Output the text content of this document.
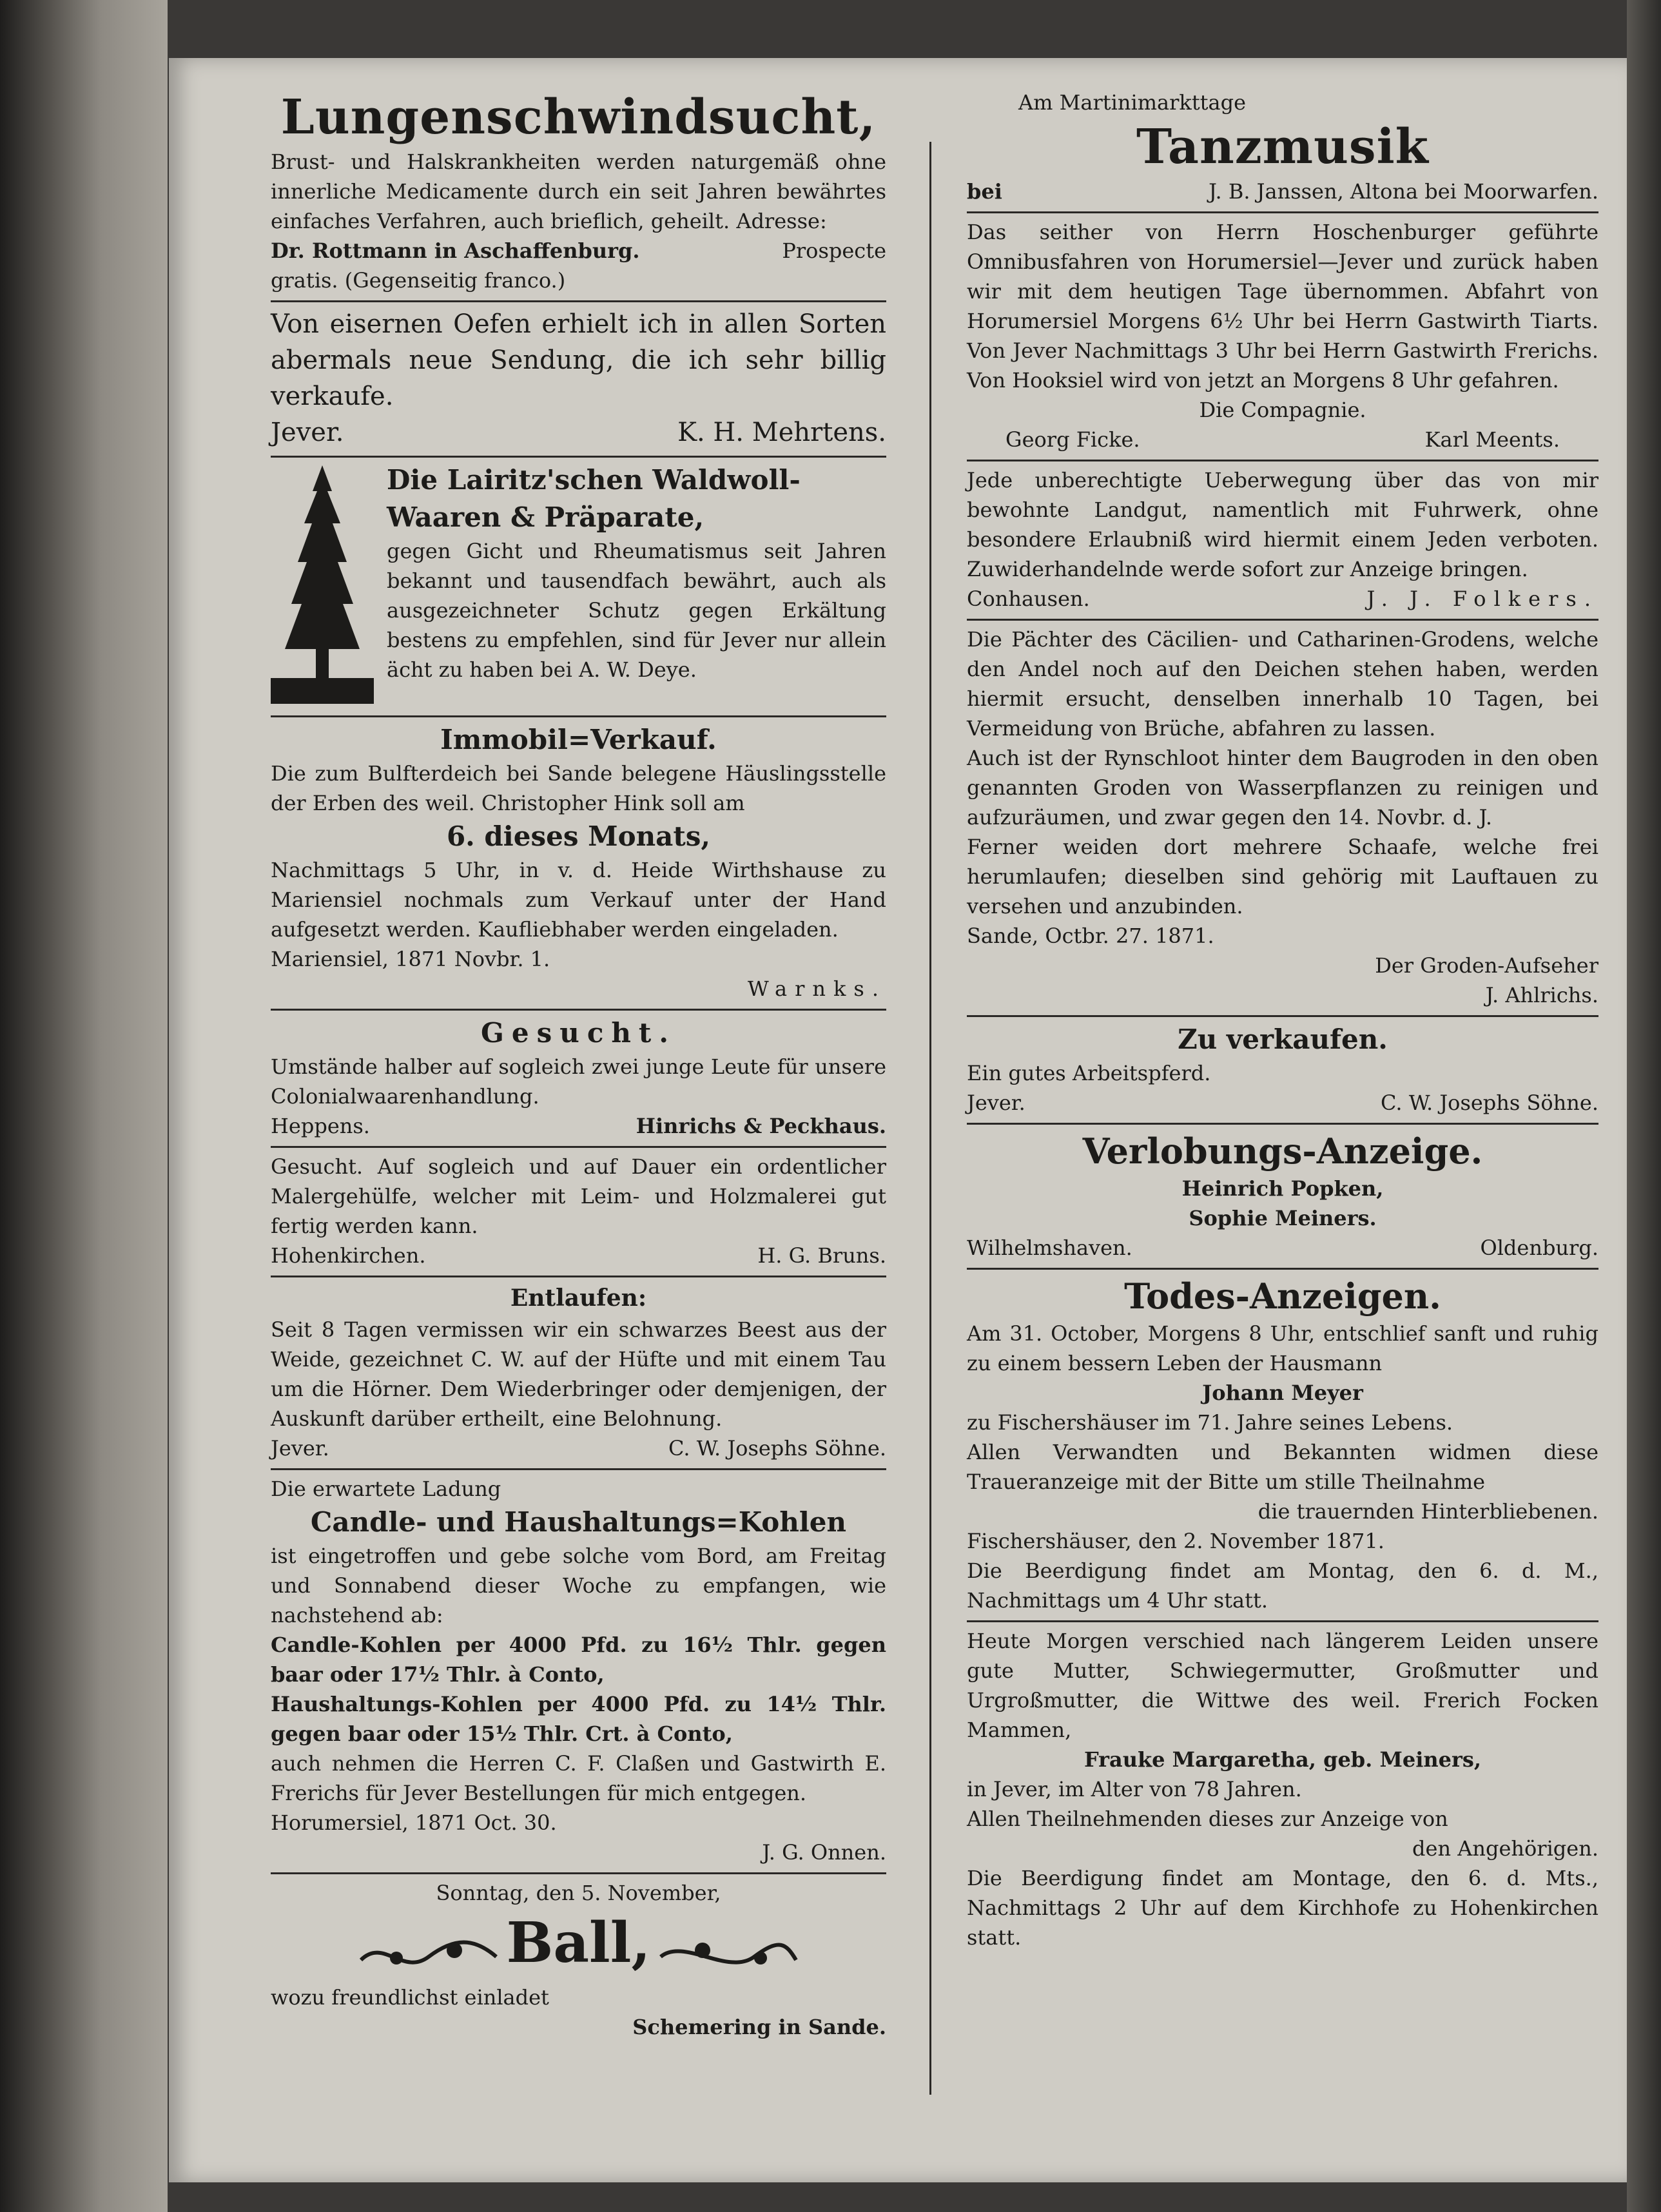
Lungenschwindsucht,

Brust- und Halskrankheiten werden naturgemäß ohne innerliche Medicamente durch ein seit Jahren bewährtes einfaches Verfahren, auch brieflich, geheilt. Adresse:

Dr. Rottmann in Aschaffenburg.	Prospecte

gratis. (Gegenseitig franco.)

Von eisernen Oefen erhielt ich in allen Sorten abermals neue Sendung, die ich sehr billig verkaufe.

Jever.	K. H. Mehrtens.
Die Lairitz'schen Waldwoll-Waaren & Präparate,

gegen Gicht und Rheumatismus seit Jahren bekannt und tausendfach bewährt, auch als ausgezeichneter Schutz gegen Erkältung bestens zu empfehlen, sind für Jever nur allein ächt zu haben bei A. W. Deye.

Immobil=Verkauf.

Die zum Bulfterdeich bei Sande belegene Häuslingsstelle der Erben des weil. Christopher Hink soll am

6. dieses Monats,

Nachmittags 5 Uhr, in v. d. Heide Wirthshause zu Mariensiel nochmals zum Verkauf unter der Hand aufgesetzt werden. Kaufliebhaber werden eingeladen.

Mariensiel, 1871 Novbr. 1.

Warnks.

Gesucht.

Umstände halber auf sogleich zwei junge Leute für unsere Colonialwaarenhandlung.

Heppens.	Hinrichs & Peckhaus.

Gesucht. Auf sogleich und auf Dauer ein ordentlicher Malergehülfe, welcher mit Leim- und Holzmalerei gut fertig werden kann.

Hohenkirchen.	H. G. Bruns.
Entlaufen:

Seit 8 Tagen vermissen wir ein schwarzes Beest aus der Weide, gezeichnet C. W. auf der Hüfte und mit einem Tau um die Hörner. Dem Wiederbringer oder demjenigen, der Auskunft darüber ertheilt, eine Belohnung.

Jever.	C. W. Josephs Söhne.

Die erwartete Ladung

Candle- und Haushaltungs=Kohlen

ist eingetroffen und gebe solche vom Bord, am Freitag und Sonnabend dieser Woche zu empfangen, wie nachstehend ab:

Candle-Kohlen per 4000 Pfd. zu 16½ Thlr. gegen baar oder 17½ Thlr. à Conto,

Haushaltungs-Kohlen per 4000 Pfd. zu 14½ Thlr. gegen baar oder 15½ Thlr. Crt. à Conto,

auch nehmen die Herren C. F. Claßen und Gastwirth E. Frerichs für Jever Bestellungen für mich entgegen.

Horumersiel, 1871 Oct. 30.

J. G. Onnen.

Sonntag, den 5. November,

Ball,

wozu freundlichst einladet

Schemering in Sande.

Am Martinimarkttage

Tanzmusik
bei	J. B. Janssen, Altona bei Moorwarfen.

Das seither von Herrn Hoschenburger geführte Omnibusfahren von Horumersiel—Jever und zurück haben wir mit dem heutigen Tage übernommen. Abfahrt von Horumersiel Morgens 6½ Uhr bei Herrn Gastwirth Tiarts. Von Jever Nachmittags 3 Uhr bei Herrn Gastwirth Frerichs. Von Hooksiel wird von jetzt an Morgens 8 Uhr gefahren.

Die Compagnie.

Georg Ficke.	Karl Meents.

Jede unberechtigte Ueberwegung über das von mir bewohnte Landgut, namentlich mit Fuhrwerk, ohne besondere Erlaubniß wird hiermit einem Jeden verboten. Zuwiderhandelnde werde sofort zur Anzeige bringen.

Conhausen.	J. J. Folkers.

Die Pächter des Cäcilien- und Catharinen-Grodens, welche den Andel noch auf den Deichen stehen haben, werden hiermit ersucht, denselben innerhalb 10 Tagen, bei Vermeidung von Brüche, abfahren zu lassen.

Auch ist der Rynschloot hinter dem Baugroden in den oben genannten Groden von Wasserpflanzen zu reinigen und aufzuräumen, und zwar gegen den 14. Novbr. d. J.

Ferner weiden dort mehrere Schaafe, welche frei herumlaufen; dieselben sind gehörig mit Lauftauen zu versehen und anzubinden.

Sande, Octbr. 27. 1871.

Der Groden-Aufseher

J. Ahlrichs.

Zu verkaufen.

Ein gutes Arbeitspferd.

Jever.	C. W. Josephs Söhne.
Verlobungs-Anzeige.

Heinrich Popken,

Sophie Meiners.

Wilhelmshaven.	Oldenburg.
Todes-Anzeigen.

Am 31. October, Morgens 8 Uhr, entschlief sanft und ruhig zu einem bessern Leben der Hausmann

Johann Meyer

zu Fischershäuser im 71. Jahre seines Lebens.

Allen Verwandten und Bekannten widmen diese Traueranzeige mit der Bitte um stille Theilnahme

die trauernden Hinterbliebenen.

Fischershäuser, den 2. November 1871.

Die Beerdigung findet am Montag, den 6. d. M., Nachmittags um 4 Uhr statt.

Heute Morgen verschied nach längerem Leiden unsere gute Mutter, Schwiegermutter, Großmutter und Urgroßmutter, die Wittwe des weil. Frerich Focken Mammen,

Frauke Margaretha, geb. Meiners,

in Jever, im Alter von 78 Jahren.

Allen Theilnehmenden dieses zur Anzeige von

den Angehörigen.

Die Beerdigung findet am Montage, den 6. d. Mts., Nachmittags 2 Uhr auf dem Kirchhofe zu Hohenkirchen statt.
